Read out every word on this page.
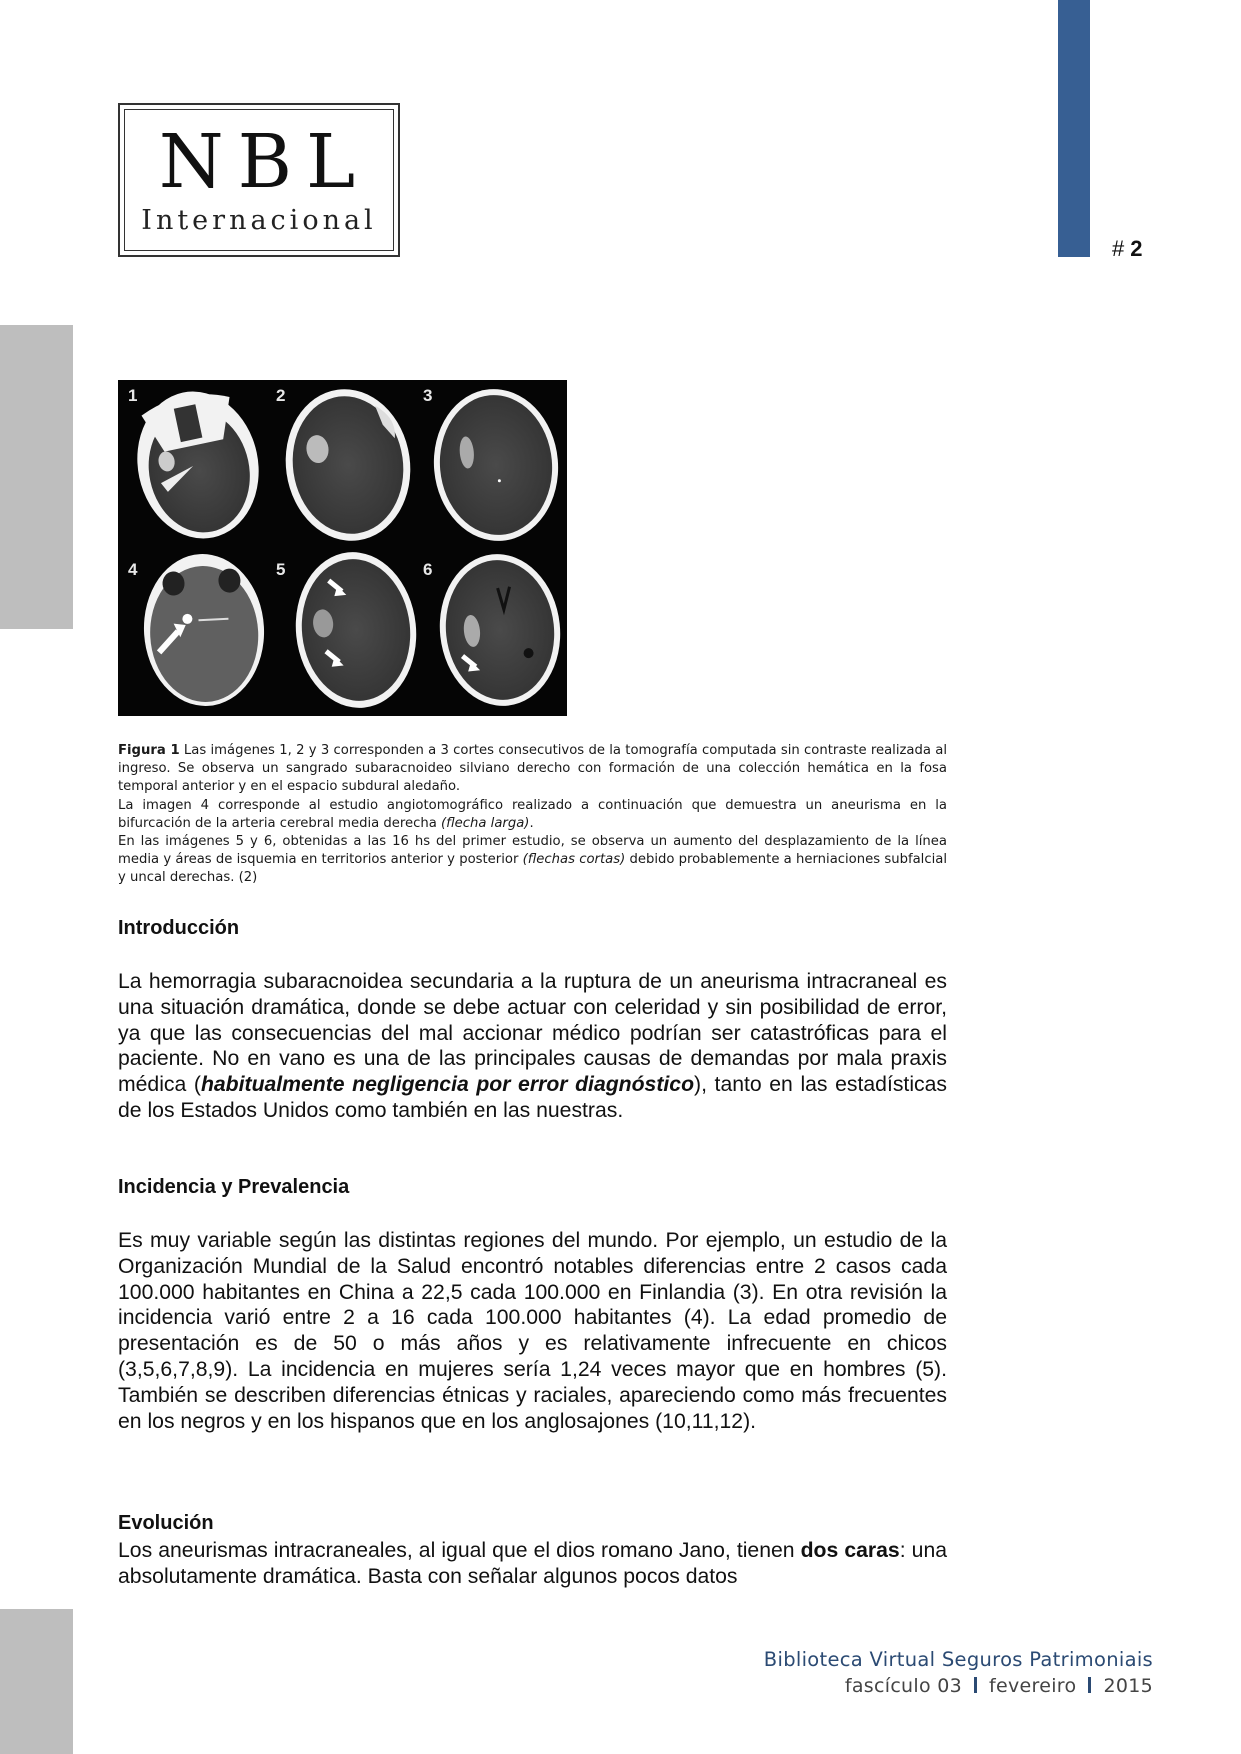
# 2
NBL
Internacional
1	2	3
4	5	6

Figura 1 Las imágenes 1, 2 y 3 corresponden a 3 cortes consecutivos de la tomografía computada sin contraste realizada al ingreso. Se observa un sangrado subaracnoideo silviano derecho con formación de una colección hemática en la fosa temporal anterior y en el espacio subdural aledaño.

La imagen 4 corresponde al estudio angiotomográfico realizado a continuación que demuestra un aneurisma en la bifurcación de la arteria cerebral media derecha (flecha larga).

En las imágenes 5 y 6, obtenidas a las 16 hs del primer estudio, se observa un aumento del desplazamiento de la línea media y áreas de isquemia en territorios anterior y posterior (flechas cortas) debido probablemente a herniaciones subfalcial y uncal derechas. (2)

Introducción

La hemorragia subaracnoidea secundaria a la ruptura de un aneurisma intracraneal es una situación dramática, donde se debe actuar con celeridad y sin posibilidad de error, ya que las consecuencias del mal accionar médico podrían ser catastróficas para el paciente. No en vano es una de las principales causas de demandas por mala praxis médica (habitualmente negligencia por error diagnóstico), tanto en las estadísticas de los Estados Unidos como también en las nuestras.

Incidencia y Prevalencia

Es muy variable según las distintas regiones del mundo. Por ejemplo, un estudio de la Organización Mundial de la Salud encontró notables diferencias entre 2 casos cada 100.000 habitantes en China a 22,5 cada 100.000 en Finlandia (3). En otra revisión la incidencia varió entre 2 a 16 cada 100.000 habitantes (4). La edad promedio de presentación es de 50 o más años y es relativamente infrecuente en chicos (3,5,6,7,8,9). La incidencia en mujeres sería 1,24 veces mayor que en hombres (5). También se describen diferencias étnicas y raciales, apareciendo como más frecuentes en los negros y en los hispanos que en los anglosajones (10,11,12).

Evolución

Los aneurismas intracraneales, al igual que el dios romano Jano, tienen dos caras: una absolutamente dramática. Basta con señalar algunos pocos datos

Biblioteca Virtual Seguros Patrimoniais
fascículo 03 fevereiro 2015
